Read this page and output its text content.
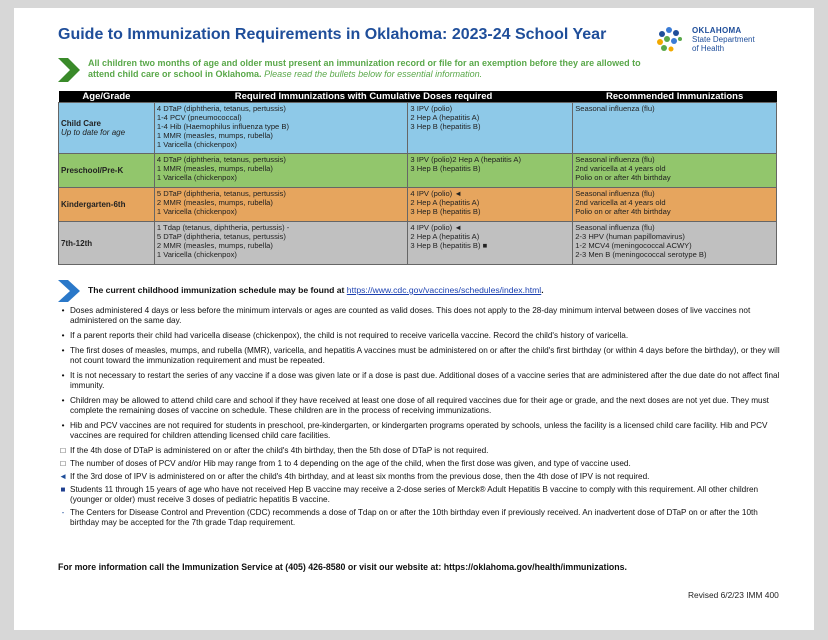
Guide to Immunization Requirements in Oklahoma: 2023-24 School Year	OKLAHOMA
State Department
of Health
All children two months of age and older must present an immunization record or file for an exemption before they are allowed to attend child care or school in Oklahoma. Please read the bullets below for essential information.
Age/Grade	Required Immunizations with Cumulative Doses required		Recommended Immunizations
Child Care
Up to date for age	4 DTaP (diphtheria, tetanus, pertussis)
1-4 PCV (pneumococcal)
1-4 Hib (Haemophilus influenza type B)
1 MMR (measles, mumps, rubella)
1 Varicella (chickenpox)	3 IPV (polio)
2 Hep A (hepatitis A)
3 Hep B (hepatitis B)	Seasonal influenza (flu)

Preschool/Pre-K	4 DTaP (diphtheria, tetanus, pertussis)
1 MMR (measles, mumps, rubella)
1 Varicella (chickenpox)	3 IPV (polio)2 Hep A (hepatitis A)
3 Hep B (hepatitis B)	Seasonal influenza (flu)
2nd varicella at 4 years old
Polio on or after 4th birthday

Kindergarten-6th	5 DTaP (diphtheria, tetanus, pertussis)
2 MMR (measles, mumps, rubella)
1 Varicella (chickenpox)	4 IPV (polio) ◄
2 Hep A (hepatitis A)
3 Hep B (hepatitis B)	Seasonal influenza (flu)
2nd varicella at 4 years old
Polio on or after 4th birthday

7th-12th	1 Tdap (tetanus, diphtheria, pertussis) -
5 DTaP (diphtheria, tetanus, pertussis)
2 MMR (measles, mumps, rubella)
1 Varicella (chickenpox)	4 IPV (polio) ◄
2 Hep A (hepatitis A)
3 Hep B (hepatitis B) ■	Seasonal influenza (flu)
2-3 HPV (human papillomavirus)
1-2 MCV4 (meningococcal ACWY)
2-3 Men B (meningococcal serotype B)
The current childhood immunization schedule may be found at https://www.cdc.gov/vaccines/schedules/index.html.
• Doses administered 4 days or less before the minimum intervals or ages are counted as valid doses. This does not apply to the 28-day minimum interval between doses of live vaccines not administered on the same day.
• If a parent reports their child had varicella disease (chickenpox), the child is not required to receive varicella vaccine. Record the child's history of varicella.
• The first doses of measles, mumps, and rubella (MMR), varicella, and hepatitis A vaccines must be administered on or after the child's first birthday (or within 4 days before the birthday), or they will not count toward the immunization requirement and must be repeated.
• It is not necessary to restart the series of any vaccine if a dose was given late or if a dose is past due. Additional doses of a vaccine series that are administered after the due date do not affect final immunity.
• Children may be allowed to attend child care and school if they have received at least one dose of all required vaccines due for their age or grade, and the next doses are not yet due. They must complete the remaining doses of vaccine on schedule. These children are in the process of receiving immunizations.
• Hib and PCV vaccines are not required for students in preschool, pre-kindergarten, or kindergarten programs operated by schools, unless the facility is a licensed child care facility. Hib and PCV vaccines are required for children attending licensed child care facilities.
□ If the 4th dose of DTaP is administered on or after the child's 4th birthday, then the 5th dose of DTaP is not required.
□ The number of doses of PCV and/or Hib may range from 1 to 4 depending on the age of the child, when the first dose was given, and type of vaccine used.
◄ If the 3rd dose of IPV is administered on or after the child's 4th birthday, and at least six months from the previous dose, then the 4th dose of IPV is not required.
■ Students 11 through 15 years of age who have not received Hep B vaccine may receive a 2-dose series of Merck® Adult Hepatitis B vaccine to comply with this requirement. All other children (younger or older) must receive 3 doses of pediatric hepatitis B vaccine.
- The Centers for Disease Control and Prevention (CDC) recommends a dose of Tdap on or after the 10th birthday even if previously received. An inadvertent dose of DTaP on or after the 10th birthday may be accepted for the 7th grade Tdap requirement.
For more information call the Immunization Service at (405) 426-8580 or visit our website at: https://oklahoma.gov/health/immunizations.
Revised 6/2/23 IMM 400
